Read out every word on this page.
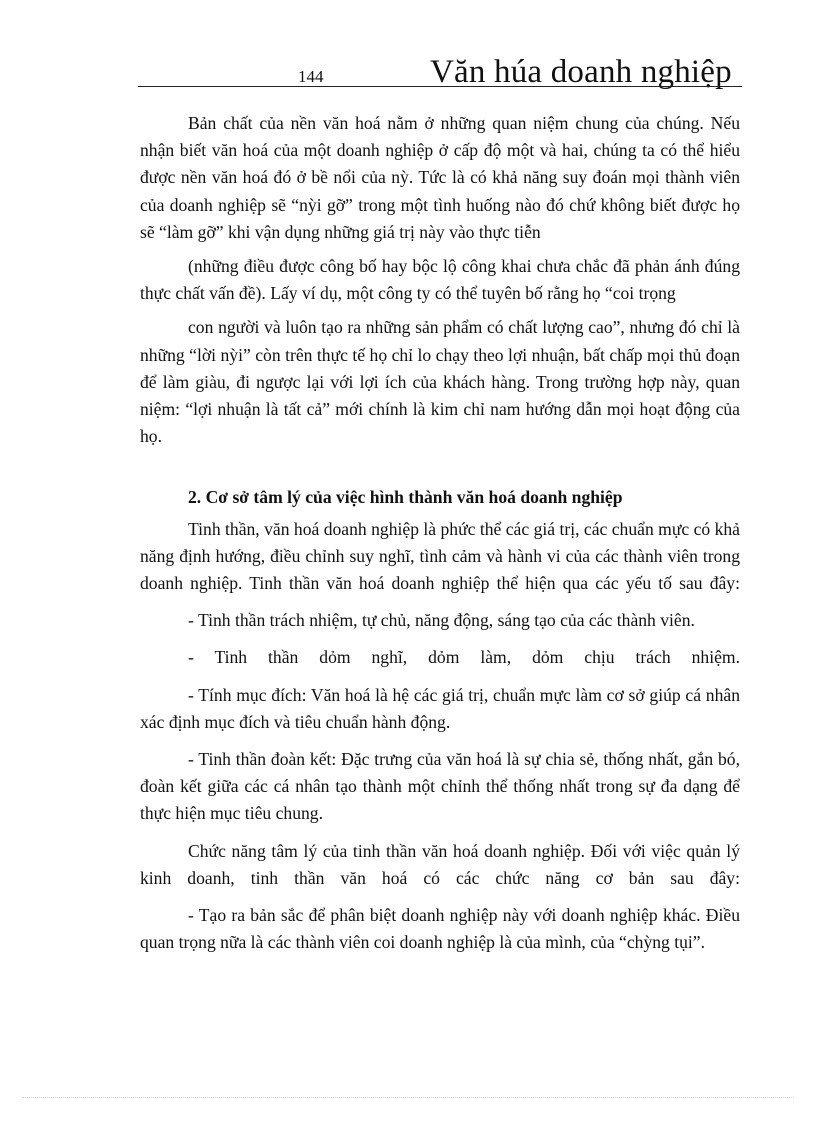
144	Văn húa doanh nghiệp

Bản chất của nền văn hoá nằm ở những quan niệm chung của chúng. Nếu nhận biết văn hoá của một doanh nghiệp ở cấp độ một và hai, chúng ta có thể hiểu được nền văn hoá đó ở bề nổi của nỳ. Tức là có khả năng suy đoán mọi thành viên của doanh nghiệp sẽ “nỳi gỡ” trong một tình huống nào đó chứ không biết được họ sẽ “làm gỡ” khi vận dụng những giá trị này vào thực tiễn

(những điều được công bố hay bộc lộ công khai chưa chắc đã phản ánh đúng thực chất vấn đề). Lấy ví dụ, một công ty có thể tuyên bố rằng họ “coi trọng

con người và luôn tạo ra những sản phẩm có chất lượng cao”, nhưng đó chỉ là những “lời nỳi” còn trên thực tế họ chỉ lo chạy theo lợi nhuận, bất chấp mọi thủ đoạn để làm giàu, đi ngược lại với lợi ích của khách hàng. Trong trường hợp này, quan niệm: “lợi nhuận là tất cả” mới chính là kim chỉ nam hướng dẫn mọi hoạt động của họ.

2. Cơ sở tâm lý của việc hình thành văn hoá doanh nghiệp

Tinh thần, văn hoá doanh nghiệp là phức thể các giá trị, các chuẩn mực có khả năng định hướng, điều chỉnh suy nghĩ, tình cảm và hành vi của các thành viên trong doanh nghiệp. Tinh thần văn hoá doanh nghiệp thể hiện qua các yếu tố sau đây:

- Tinh thần trách nhiệm, tự chủ, năng động, sáng tạo của các thành viên.

- Tinh thần dỏm nghĩ, dỏm làm, dỏm chịu trách nhiệm.

- Tính mục đích: Văn hoá là hệ các giá trị, chuẩn mực làm cơ sở giúp cá nhân xác định mục đích và tiêu chuẩn hành động.

- Tinh thần đoàn kết: Đặc trưng của văn hoá là sự chia sẻ, thống nhất, gắn bó, đoàn kết giữa các cá nhân tạo thành một chỉnh thể thống nhất trong sự đa dạng để thực hiện mục tiêu chung.

Chức năng tâm lý của tinh thần văn hoá doanh nghiệp. Đối với việc quản lý kinh doanh, tinh thần văn hoá có các chức năng cơ bản sau đây:

- Tạo ra bản sắc để phân biệt doanh nghiệp này với doanh nghiệp khác. Điều quan trọng nữa là các thành viên coi doanh nghiệp là của mình, của “chỳng tụi”.
